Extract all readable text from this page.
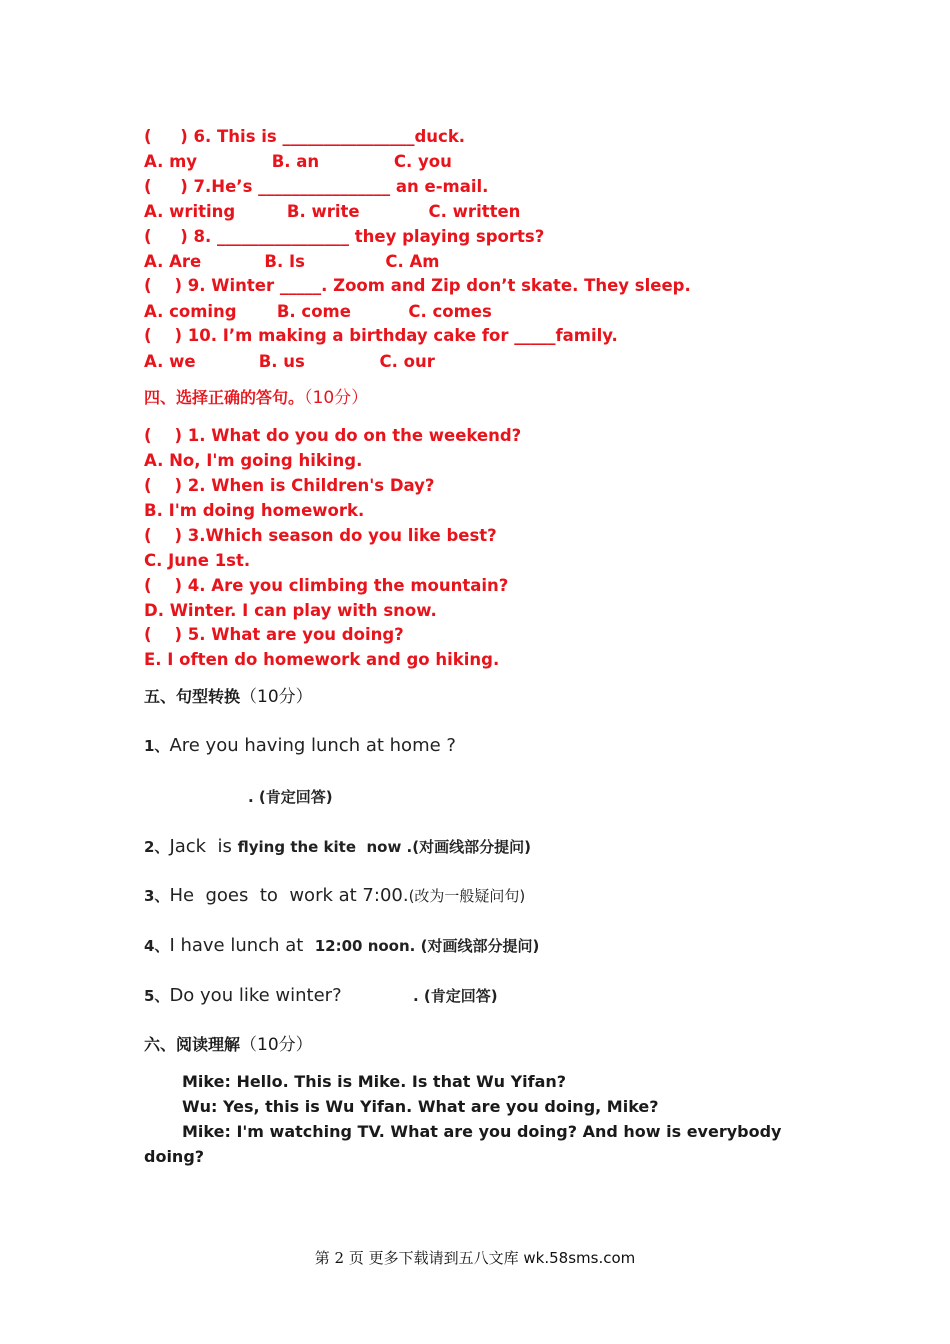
(     ) 6. This is ________________duck.
A. my             B. an             C. you
(     ) 7.He’s ________________ an e-mail.
A. writing         B. write            C. written
(     ) 8. ________________ they playing sports?
A. Are           B. Is              C. Am
(    ) 9. Winter _____. Zoom and Zip don’t skate. They sleep.
A. coming       B. come          C. comes
(    ) 10. I’m making a birthday cake for _____family.
A. we           B. us             C. our
四、选择正确的答句。（10分）
(    ) 1. What do you do on the weekend?
A. No, I'm going hiking.
(    ) 2. When is Children's Day?
B. I'm doing homework.
(    ) 3.Which season do you like best?
C. June 1st.
(    ) 4. Are you climbing the mountain?
D. Winter. I can play with snow.
(    ) 5. What are you doing?
E. I often do homework and go hiking.
五、句型转换（10分）
1、Are you having lunch at home ?
. (肯定回答)
2、Jack  is flying the kite  now .(对画线部分提问)
3、He  goes  to  work at 7:00.(改为一般疑问句)
4、I have lunch at  12:00 noon. (对画线部分提问)
5、Do you like winter?	. (肯定回答)
六、阅读理解（10分）
Mike: Hello. This is Mike. Is that Wu Yifan?
Wu: Yes, this is Wu Yifan. What are you doing, Mike?
Mike: I'm watching TV. What are you doing? And how is everybody
doing?
第 2 页 更多下载请到五八文库 wk.58sms.com
